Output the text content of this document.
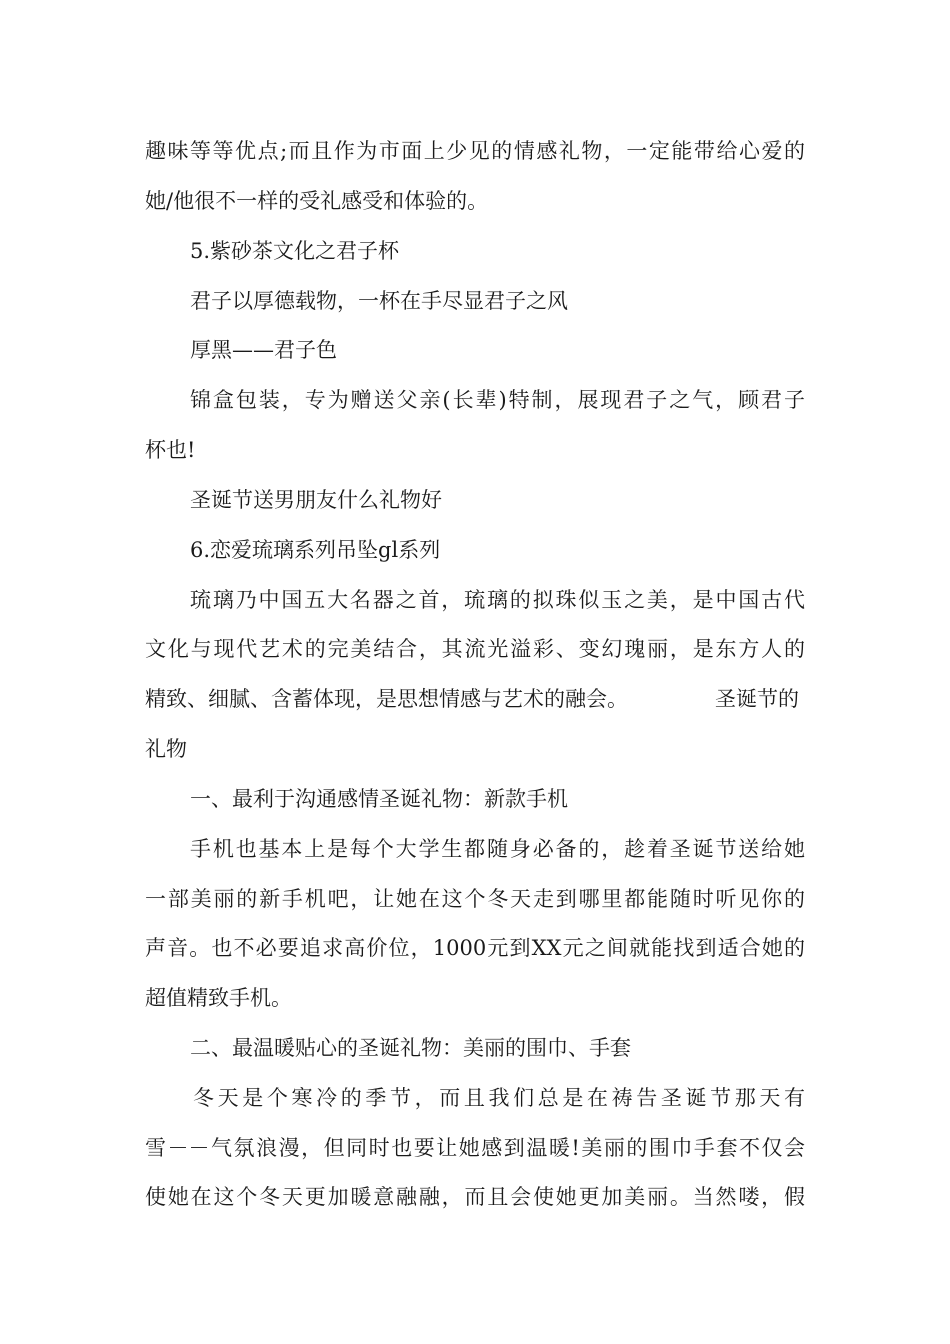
趣味等等优点;而且作为市面上少见的情感礼物，一定能带给心爱的
她/他很不一样的受礼感受和体验的。
5.紫砂茶文化之君子杯
君子以厚德载物，一杯在手尽显君子之风
厚黑——君子色
锦盒包装，专为赠送父亲(长辈)特制，展现君子之气，顾君子
杯也!
圣诞节送男朋友什么礼物好
6.恋爱琉璃系列吊坠gl系列
琉璃乃中国五大名器之首，琉璃的拟珠似玉之美，是中国古代
文化与现代艺术的完美结合，其流光溢彩、变幻瑰丽，是东方人的
精致、细腻、含蓄体现，是思想情感与艺术的融会。	圣诞节的
礼物
一、最利于沟通感情圣诞礼物：新款手机
手机也基本上是每个大学生都随身必备的，趁着圣诞节送给她
一部美丽的新手机吧，让她在这个冬天走到哪里都能随时听见你的
声音。也不必要追求高价位，1000元到XX元之间就能找到适合她的
超值精致手机。
二、最温暖贴心的圣诞礼物：美丽的围巾、手套
冬天是个寒冷的季节，而且我们总是在祷告圣诞节那天有
雪－－气氛浪漫，但同时也要让她感到温暖!美丽的围巾手套不仅会
使她在这个冬天更加暖意融融，而且会使她更加美丽。当然喽，假
